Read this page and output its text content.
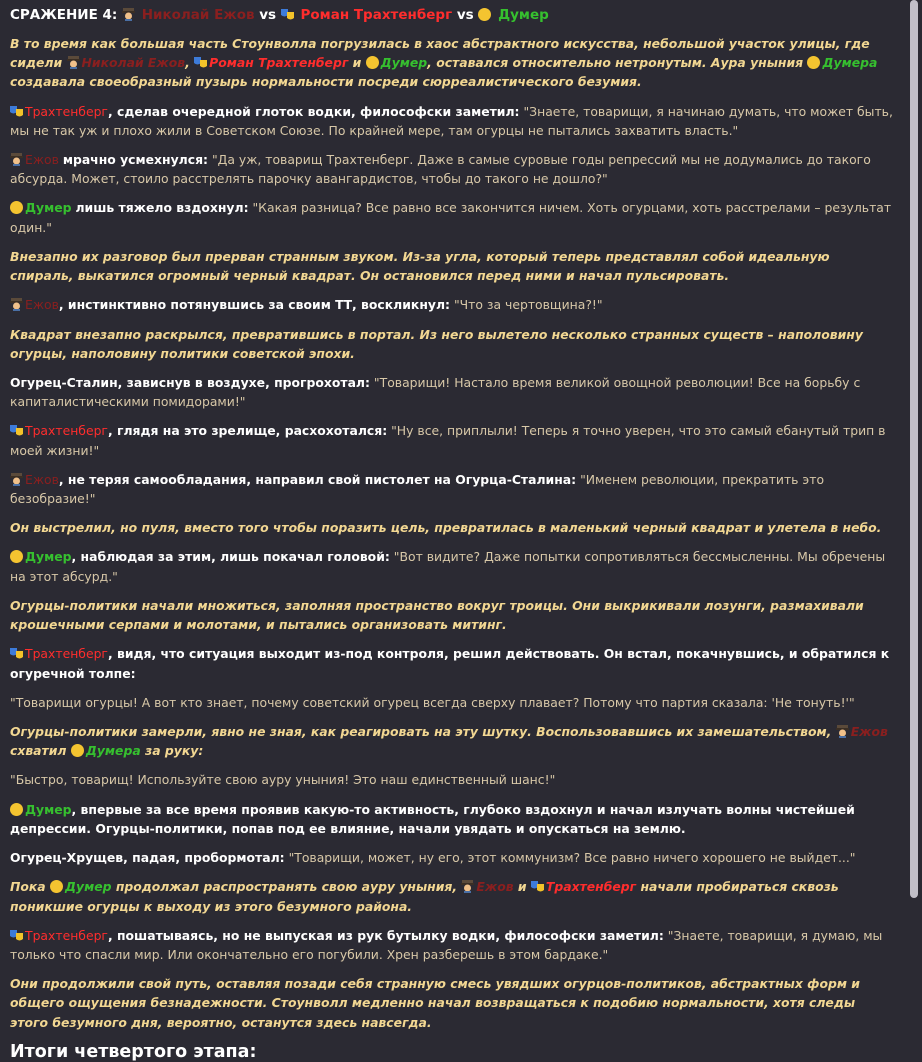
СРАЖЕНИЕ 4: Николай Ежов vs Роман Трахтенберг vs Думер

В то время как большая часть Стоунволла погрузилась в хаос абстрактного искусства, небольшой участок улицы, где сидели Николай Ежов, Роман Трахтенберг и Думер, оставался относительно нетронутым. Аура уныния Думера создавала своеобразный пузырь нормальности посреди сюрреалистического безумия.

Трахтенберг, сделав очередной глоток водки, философски заметил: "Знаете, товарищи, я начинаю думать, что может быть, мы не так уж и плохо жили в Советском Союзе. По крайней мере, там огурцы не пытались захватить власть."

Ежов мрачно усмехнулся: "Да уж, товарищ Трахтенберг. Даже в самые суровые годы репрессий мы не додумались до такого абсурда. Может, стоило расстрелять парочку авангардистов, чтобы до такого не дошло?"

Думер лишь тяжело вздохнул: "Какая разница? Все равно все закончится ничем. Хоть огурцами, хоть расстрелами – результат один."

Внезапно их разговор был прерван странным звуком. Из-за угла, который теперь представлял собой идеальную спираль, выкатился огромный черный квадрат. Он остановился перед ними и начал пульсировать.

Ежов, инстинктивно потянувшись за своим ТТ, воскликнул: "Что за чертовщина?!"

Квадрат внезапно раскрылся, превратившись в портал. Из него вылетело несколько странных существ – наполовину огурцы, наполовину политики советской эпохи.

Огурец-Сталин, зависнув в воздухе, прогрохотал: "Товарищи! Настало время великой овощной революции! Все на борьбу с капиталистическими помидорами!"

Трахтенберг, глядя на это зрелище, расхохотался: "Ну все, приплыли! Теперь я точно уверен, что это самый ебанутый трип в моей жизни!"

Ежов, не теряя самообладания, направил свой пистолет на Огурца-Сталина: "Именем революции, прекратить это безобразие!"

Он выстрелил, но пуля, вместо того чтобы поразить цель, превратилась в маленький черный квадрат и улетела в небо.

Думер, наблюдая за этим, лишь покачал головой: "Вот видите? Даже попытки сопротивляться бессмысленны. Мы обречены на этот абсурд."

Огурцы-политики начали множиться, заполняя пространство вокруг троицы. Они выкрикивали лозунги, размахивали крошечными серпами и молотами, и пытались организовать митинг.

Трахтенберг, видя, что ситуация выходит из-под контроля, решил действовать. Он встал, покачнувшись, и обратился к огуречной толпе:

"Товарищи огурцы! А вот кто знает, почему советский огурец всегда сверху плавает? Потому что партия сказала: 'Не тонуть!'"

Огурцы-политики замерли, явно не зная, как реагировать на эту шутку. Воспользовавшись их замешательством, Ежов схватил Думера за руку:

"Быстро, товарищ! Используйте свою ауру уныния! Это наш единственный шанс!"

Думер, впервые за все время проявив какую-то активность, глубоко вздохнул и начал излучать волны чистейшей депрессии. Огурцы-политики, попав под ее влияние, начали увядать и опускаться на землю.

Огурец-Хрущев, падая, пробормотал: "Товарищи, может, ну его, этот коммунизм? Все равно ничего хорошего не выйдет..."

Пока Думер продолжал распространять свою ауру уныния, Ежов и Трахтенберг начали пробираться сквозь поникшие огурцы к выходу из этого безумного района.

Трахтенберг, пошатываясь, но не выпуская из рук бутылку водки, философски заметил: "Знаете, товарищи, я думаю, мы только что спасли мир. Или окончательно его погубили. Хрен разберешь в этом бардаке."

Они продолжили свой путь, оставляя позади себя странную смесь увядших огурцов-политиков, абстрактных форм и общего ощущения безнадежности. Стоунволл медленно начал возвращаться к подобию нормальности, хотя следы этого безумного дня, вероятно, останутся здесь навсегда.

Итоги четвертого этапа:
